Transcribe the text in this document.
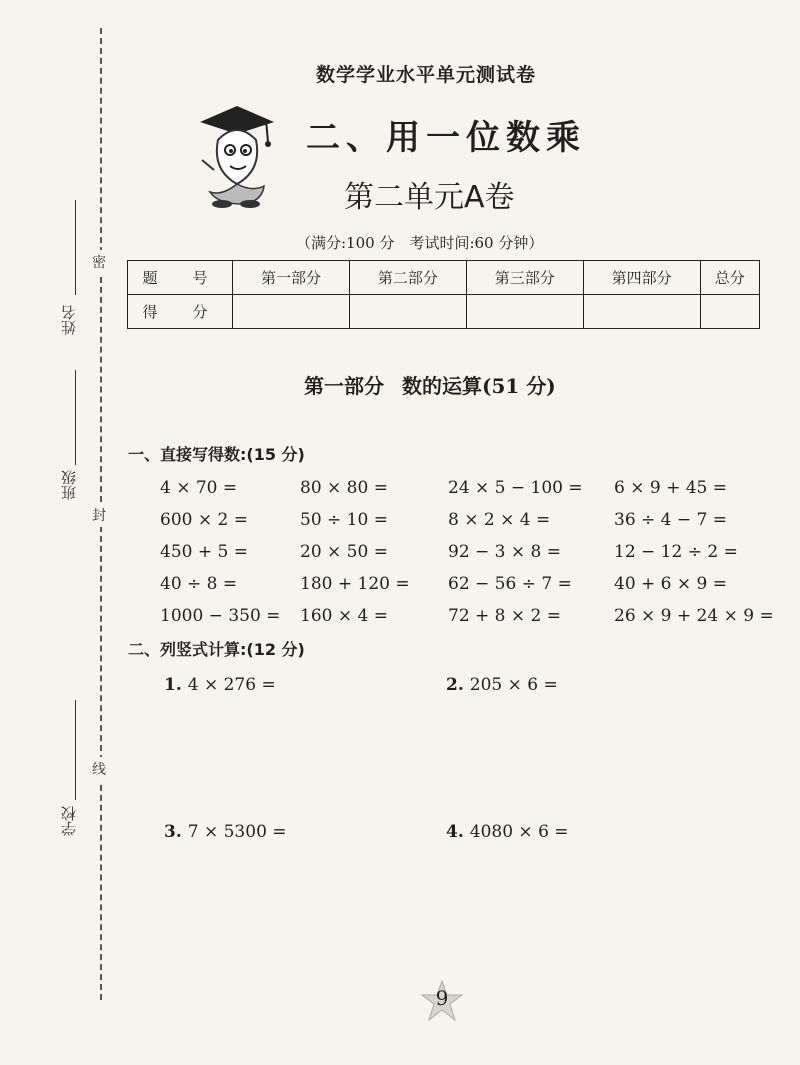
姓名
班级
学校
密
封
线
数学学业水平单元测试卷
二、用一位数乘
第二单元A卷
（满分:100 分　考试时间:60 分钟）
题　号	第一部分	第二部分	第三部分	第四部分	总分
得　分					
第一部分 数的运算(51 分)
一、直接写得数:(15 分)
4 × 70 =	80 × 80 =	24 × 5 − 100 = 6 × 9 + 45 =
600 × 2 =	50 ÷ 10 =	8 × 2 × 4 =	36 ÷ 4 − 7 =
450 + 5 =	20 × 50 =	92 − 3 × 8 =	12 − 12 ÷ 2 =
40 ÷ 8 =	180 + 120 = 62 − 56 ÷ 7 = 40 + 6 × 9 =
1000 − 350 = 160 × 4 =	72 + 8 × 2 =	26 × 9 + 24 × 9 =
二、列竖式计算:(12 分)
1. 4 × 276 =	2. 205 × 6 =
3. 7 × 5300 =	4. 4080 × 6 =
9
